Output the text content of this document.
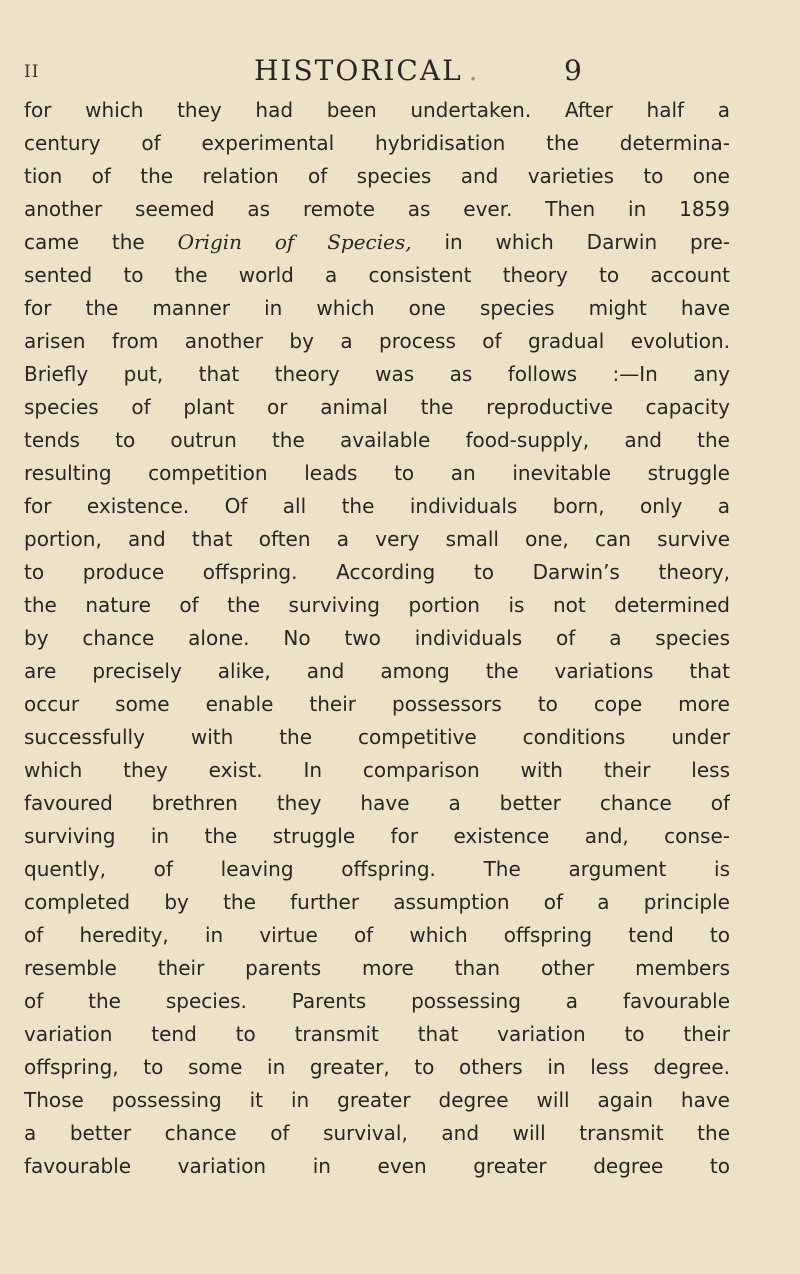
II	HISTORICAL .	9
for which they had been undertaken. After half a
century of experimental hybridisation the determina-
tion of the relation of species and varieties to one
another seemed as remote as ever. Then in 1859
came the Origin of Species, in which Darwin pre-
sented to the world a consistent theory to account
for the manner in which one species might have
arisen from another by a process of gradual evolution.
Briefly put, that theory was as follows :—In any
species of plant or animal the reproductive capacity
tends to outrun the available food-supply, and the
resulting competition leads to an inevitable struggle
for existence. Of all the individuals born, only a
portion, and that often a very small one, can survive
to produce offspring. According to Darwin’s theory,
the nature of the surviving portion is not determined
by chance alone. No two individuals of a species
are precisely alike, and among the variations that
occur some enable their possessors to cope more
successfully with the competitive conditions under
which they exist. In comparison with their less
favoured brethren they have a better chance of
surviving in the struggle for existence and, conse-
quently, of leaving offspring. The argument is
completed by the further assumption of a principle
of heredity, in virtue of which offspring tend to
resemble their parents more than other members
of the species. Parents possessing a favourable
variation tend to transmit that variation to their
offspring, to some in greater, to others in less degree.
Those possessing it in greater degree will again have
a better chance of survival, and will transmit the
favourable variation in even greater degree to
